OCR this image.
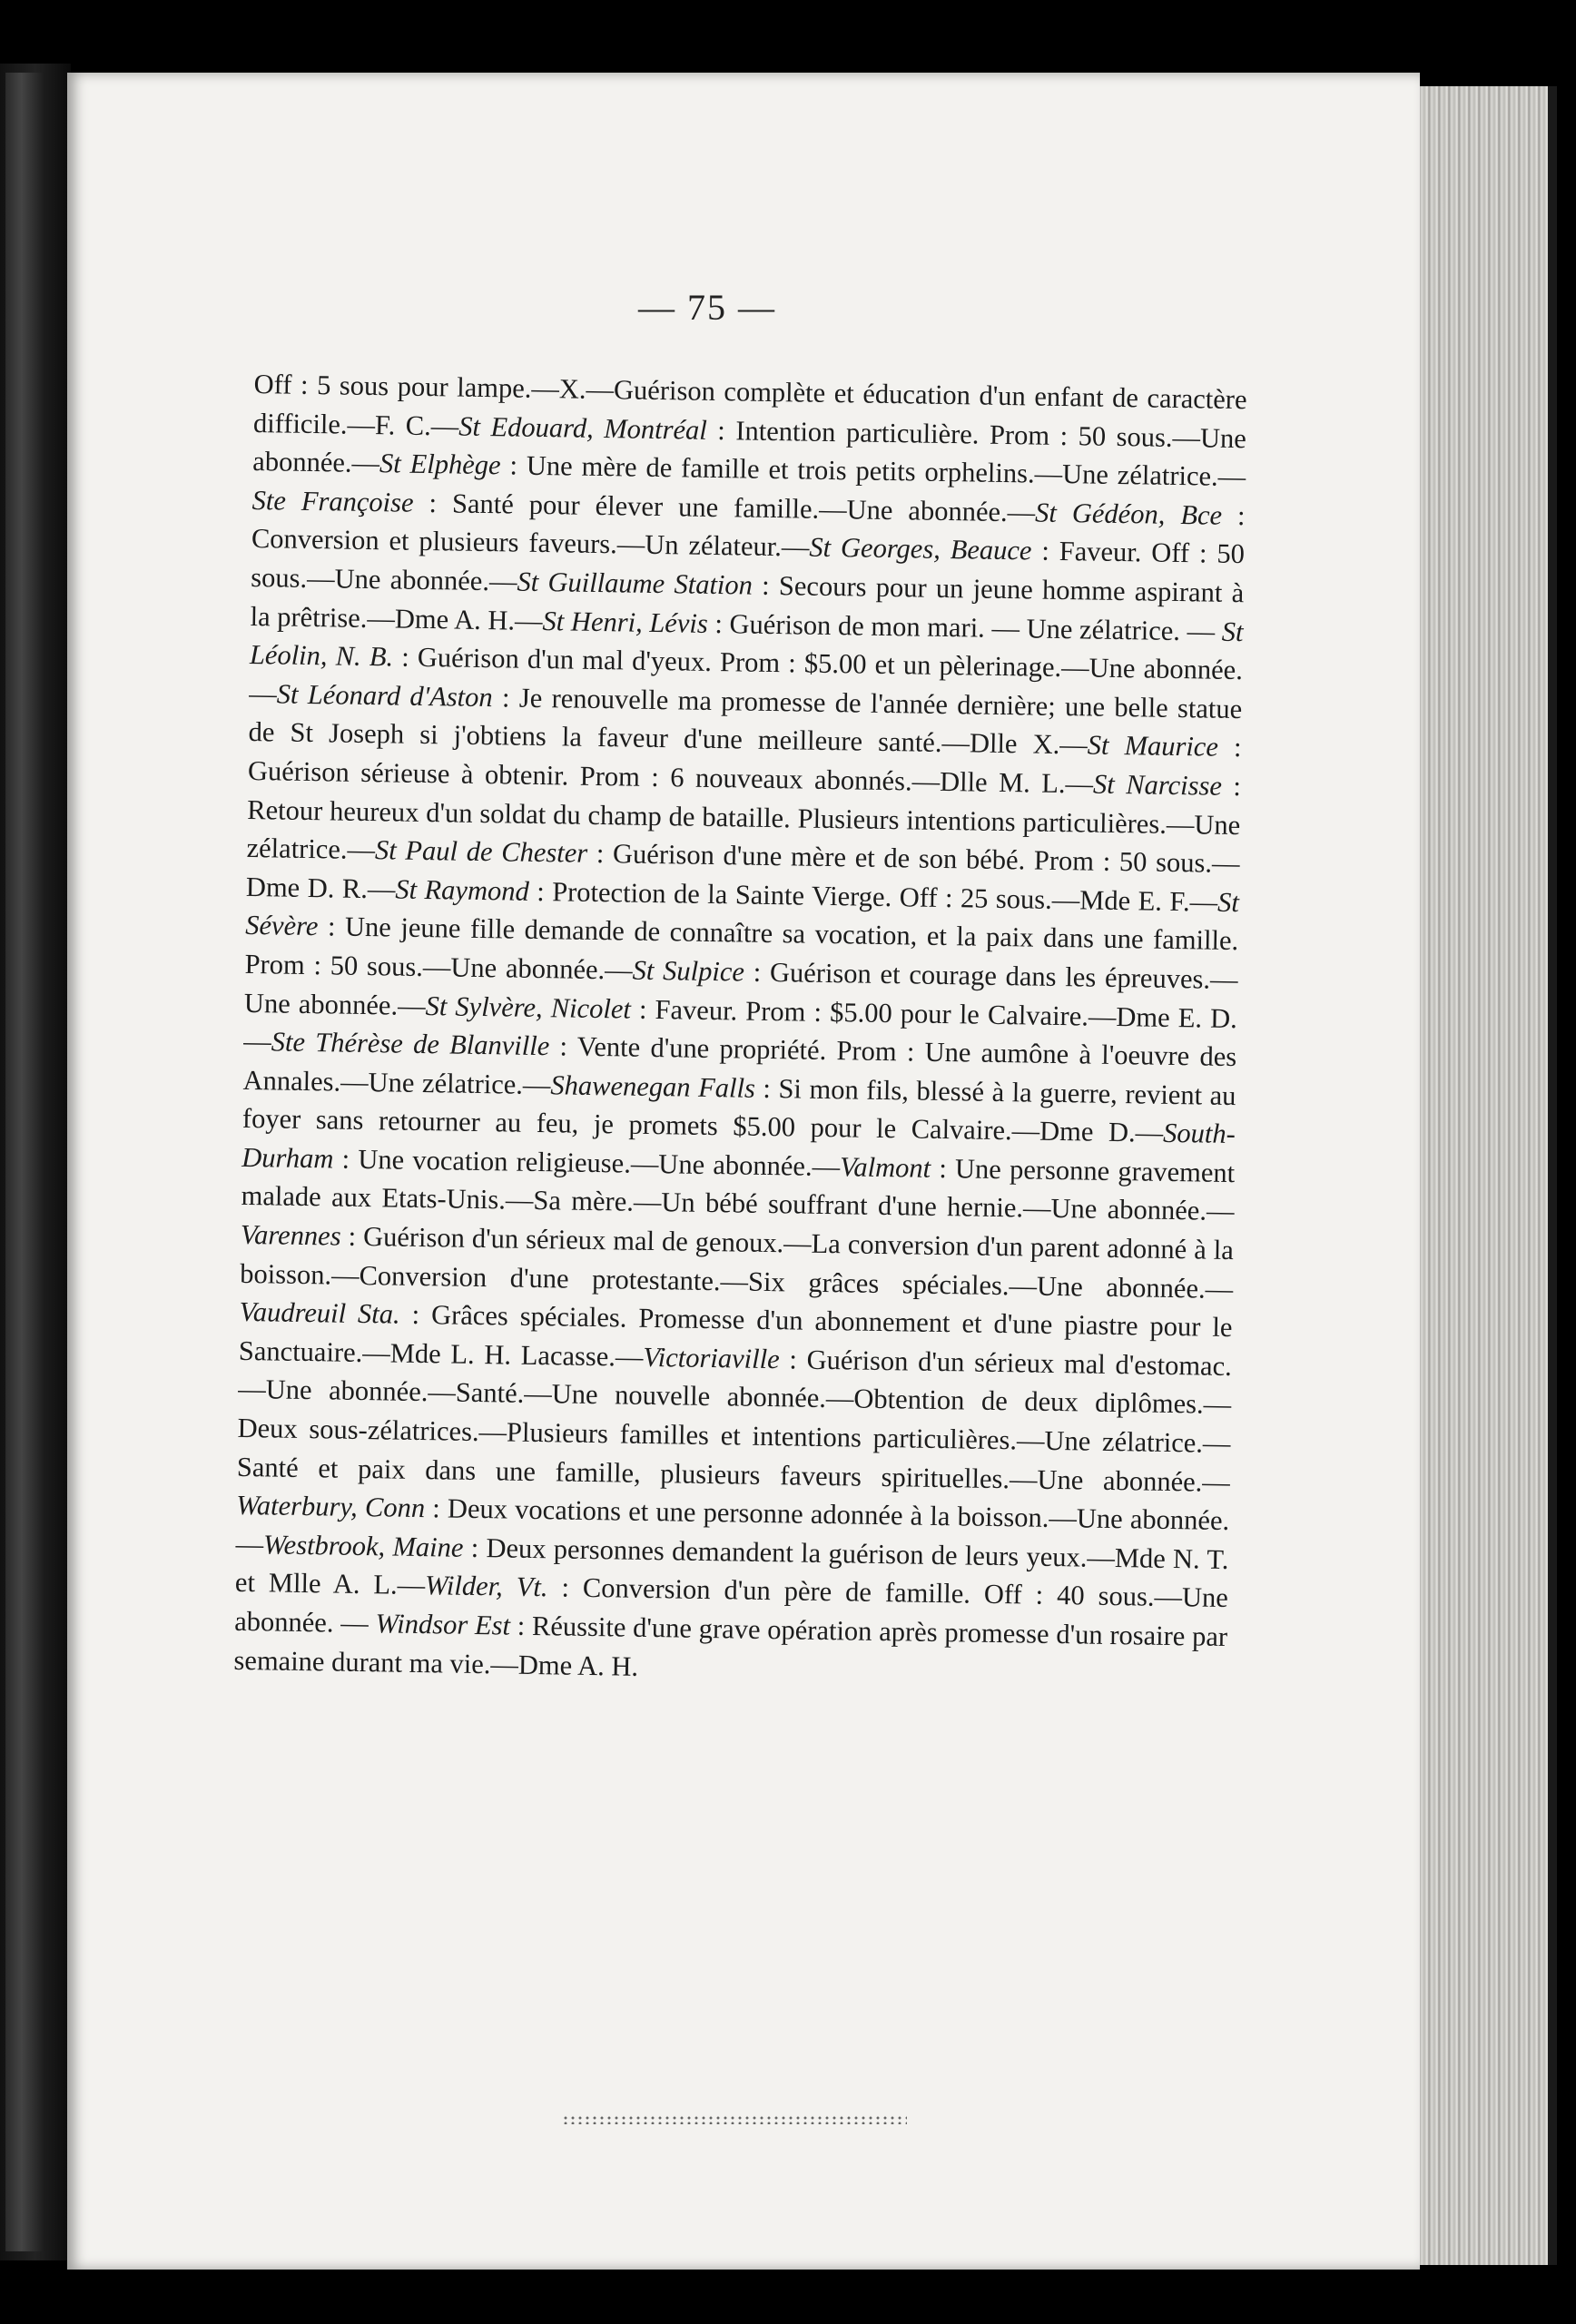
— 75 —

Off : 5 sous pour lampe.—X.—Guérison complète et éducation d'un enfant de caractère difficile.—F. C.—St Edouard, Montréal : Intention particulière. Prom : 50 sous.—Une abonnée.—St Elphège : Une mère de famille et trois petits orphelins.—Une zélatrice.—Ste Françoise : Santé pour élever une famille.—Une abonnée.—St Gédéon, Bce : Conversion et plusieurs faveurs.—Un zélateur.—St Georges, Beauce : Faveur. Off : 50 sous.—Une abonnée.—St Guillaume Station : Secours pour un jeune homme aspirant à la prêtrise.—Dme A. H.—St Henri, Lévis : Guérison de mon mari. — Une zélatrice. — St Léolin, N. B. : Guérison d'un mal d'yeux. Prom : $5.00 et un pèlerinage.—Une abonnée.—St Léonard d'Aston : Je renouvelle ma promesse de l'année dernière; une belle statue de St Joseph si j'obtiens la faveur d'une meilleure santé.—Dlle X.—St Maurice : Guérison sérieuse à obtenir. Prom : 6 nouveaux abonnés.—Dlle M. L.—St Narcisse : Retour heureux d'un soldat du champ de bataille. Plusieurs intentions particulières.—Une zélatrice.—St Paul de Chester : Guérison d'une mère et de son bébé. Prom : 50 sous.—Dme D. R.—St Raymond : Protection de la Sainte Vierge. Off : 25 sous.—Mde E. F.—St Sévère : Une jeune fille demande de connaître sa vocation, et la paix dans une famille. Prom : 50 sous.—Une abonnée.—St Sulpice : Guérison et courage dans les épreuves.—Une abonnée.—St Sylvère, Nicolet : Faveur. Prom : $5.00 pour le Calvaire.—Dme E. D.—Ste Thérèse de Blanville : Vente d'une propriété. Prom : Une aumône à l'oeuvre des Annales.—Une zélatrice.—Shawenegan Falls : Si mon fils, blessé à la guerre, revient au foyer sans retourner au feu, je promets $5.00 pour le Calvaire.—Dme D.—South-Durham : Une vocation religieuse.—Une abonnée.—Valmont : Une personne gravement malade aux Etats-Unis.—Sa mère.—Un bébé souffrant d'une hernie.—Une abonnée.—Varennes : Guérison d'un sérieux mal de genoux.—La conversion d'un parent adonné à la boisson.—Conversion d'une protestante.—Six grâces spéciales.—Une abonnée.—Vaudreuil Sta. : Grâces spéciales. Promesse d'un abonnement et d'une piastre pour le Sanctuaire.—Mde L. H. Lacasse.—Victoriaville : Guérison d'un sérieux mal d'estomac.—Une abonnée.—Santé.—Une nouvelle abonnée.—Obtention de deux diplômes.—Deux sous-zélatrices.—Plusieurs familles et intentions particulières.—Une zélatrice.—Santé et paix dans une famille, plusieurs faveurs spirituelles.—Une abonnée.— Waterbury, Conn : Deux vocations et une personne adonnée à la boisson.—Une abonnée.—Westbrook, Maine : Deux personnes demandent la guérison de leurs yeux.—Mde N. T. et Mlle A. L.—Wilder, Vt. : Conversion d'un père de famille. Off : 40 sous.—Une abonnée. — Windsor Est : Réussite d'une grave opération après promesse d'un rosaire par semaine durant ma vie.—Dme A. H.
